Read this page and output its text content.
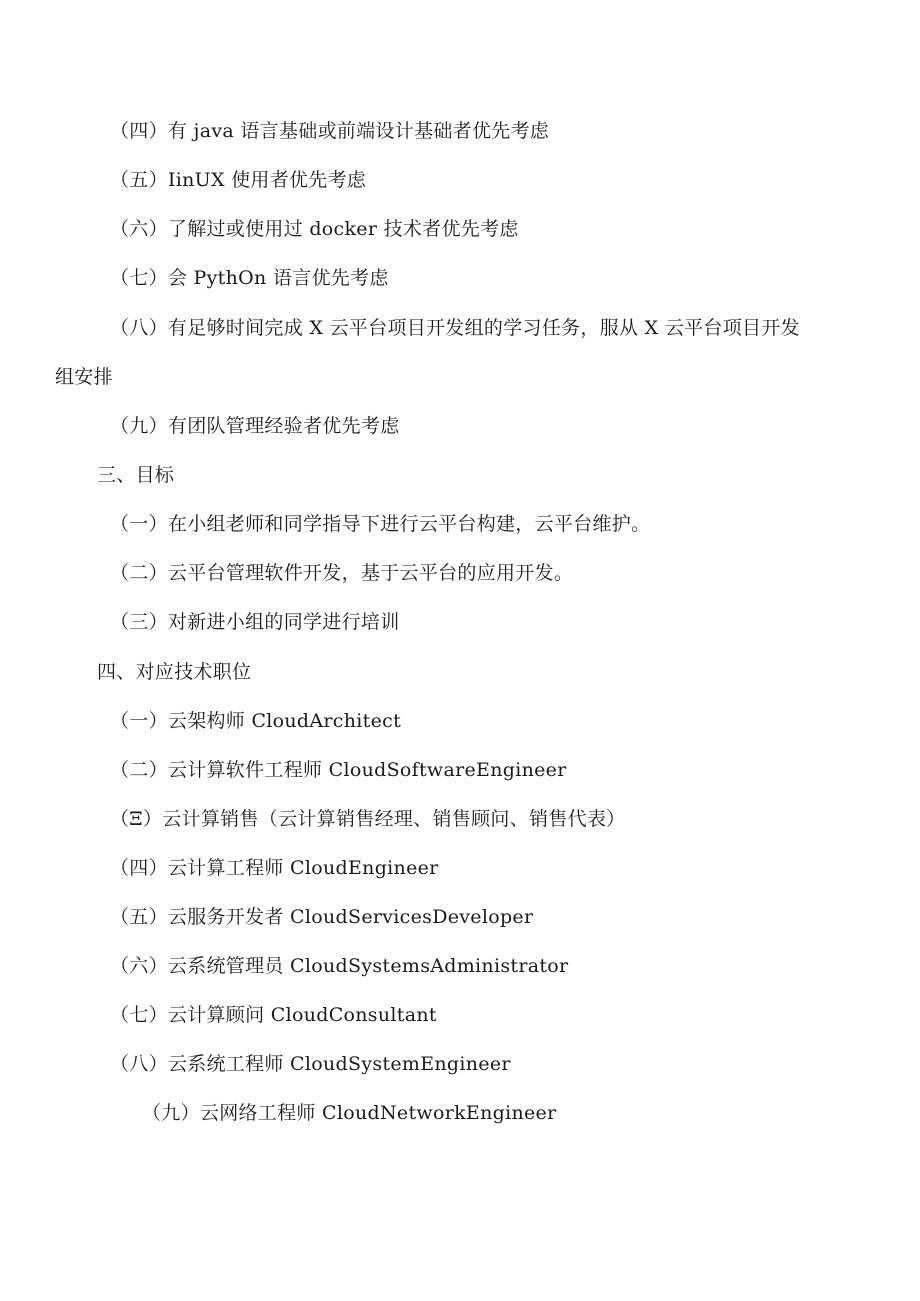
（四）有 java 语言基础或前端设计基础者优先考虑
（五）IinUX 使用者优先考虑
（六）了解过或使用过 docker 技术者优先考虑
（七）会 PythOn 语言优先考虑
（八）有足够时间完成 X 云平台项目开发组的学习任务，服从 X 云平台项目开发
组安排
（九）有团队管理经验者优先考虑
三、目标
（一）在小组老师和同学指导下进行云平台构建，云平台维护。
（二）云平台管理软件开发，基于云平台的应用开发。
（三）对新进小组的同学进行培训
四、对应技术职位
（一）云架构师 CloudArchitect
（二）云计算软件工程师 CloudSoftwareEngineer
（Ξ）云计算销售（云计算销售经理、销售顾问、销售代表）
（四）云计算工程师 CloudEngineer
（五）云服务开发者 CloudServicesDeveloper
（六）云系统管理员 CloudSystemsAdministrator
（七）云计算顾问 CloudConsultant
（八）云系统工程师 CloudSystemEngineer
（九）云网络工程师 CloudNetworkEngineer
